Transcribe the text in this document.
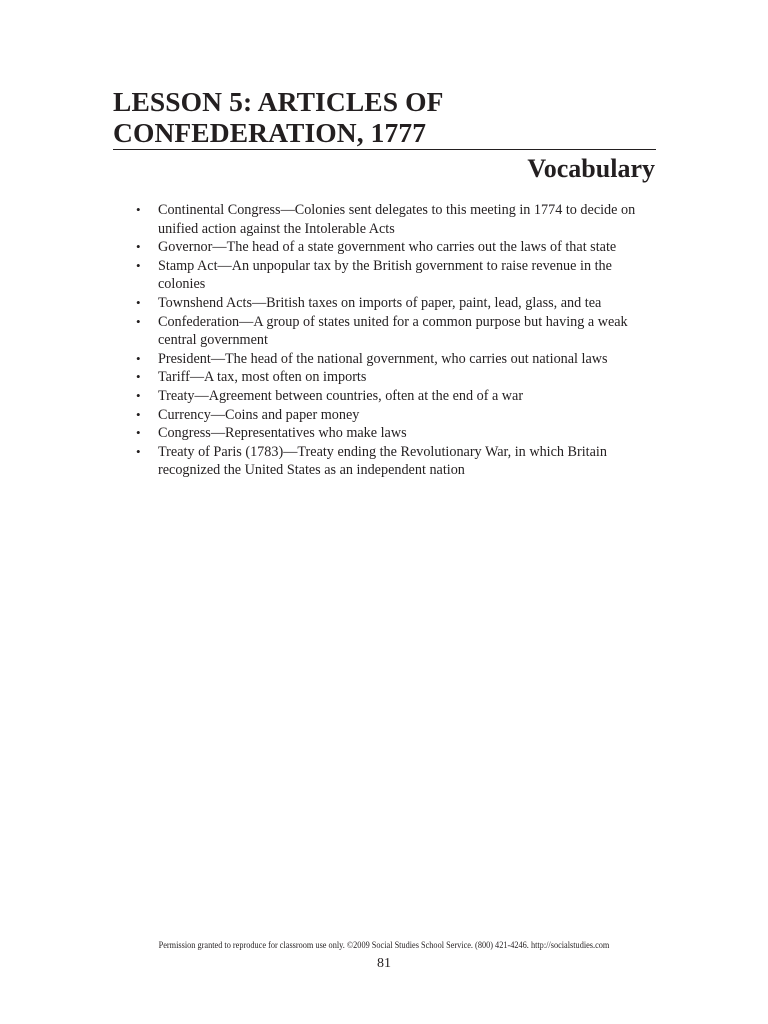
LESSON 5: ARTICLES OF
CONFEDERATION, 1777
Vocabulary
• Continental Congress—Colonies sent delegates to this meeting in 1774 to decide on unified action against the Intolerable Acts
• Governor—The head of a state government who carries out the laws of that state
• Stamp Act—An unpopular tax by the British government to raise revenue in the colonies
• Townshend Acts—British taxes on imports of paper, paint, lead, glass, and tea
• Confederation—A group of states united for a common purpose but having a weak central government
• President—The head of the national government, who carries out national laws
• Tariff—A tax, most often on imports
• Treaty—Agreement between countries, often at the end of a war
• Currency—Coins and paper money
• Congress—Representatives who make laws
• Treaty of Paris (1783)—Treaty ending the Revolutionary War, in which Britain recognized the United States as an independent nation
Permission granted to reproduce for classroom use only. ©2009 Social Studies School Service. (800) 421-4246. http://socialstudies.com
81
